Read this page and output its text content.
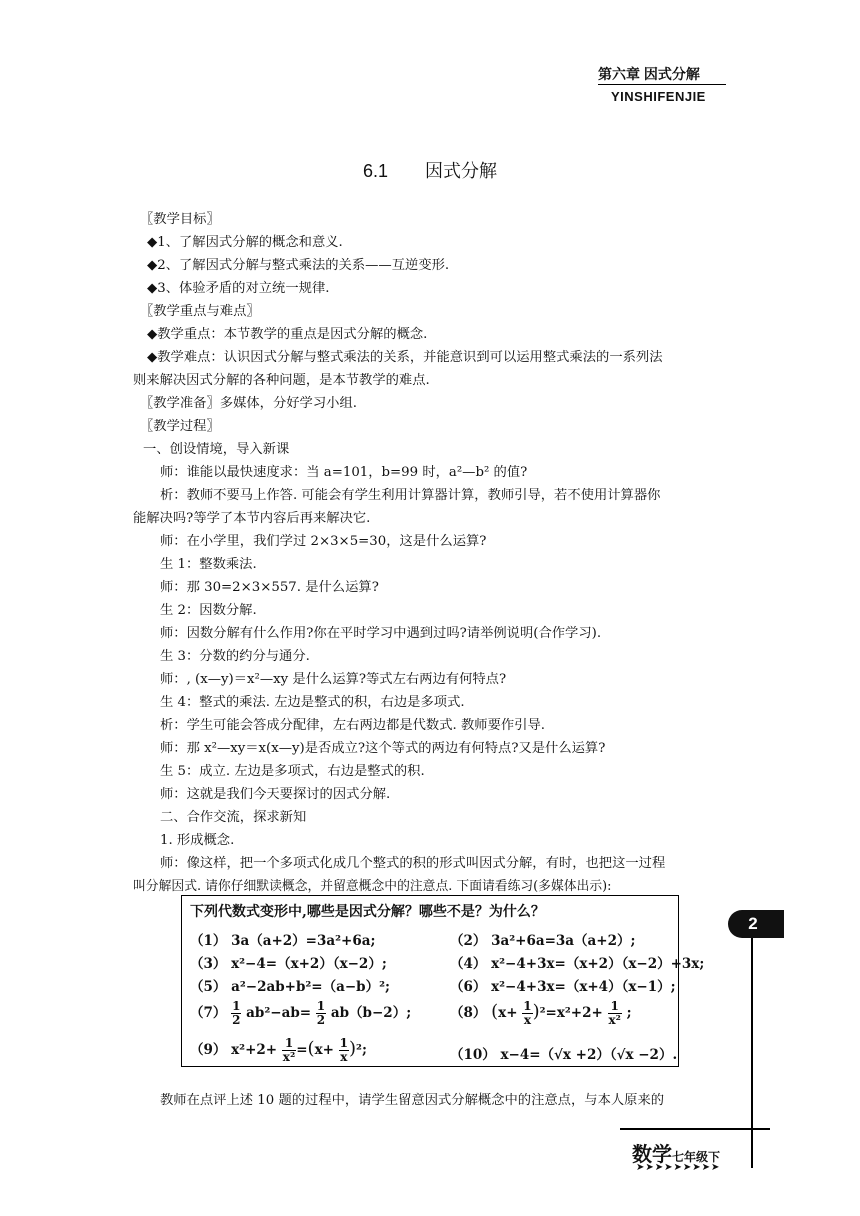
第六章 因式分解
YINSHIFENJIE
6.1 因式分解
〖教学目标〗
◆1、了解因式分解的概念和意义.
◆2、了解因式分解与整式乘法的关系——互逆变形.
◆3、体验矛盾的对立统一规律.
〖教学重点与难点〗
◆教学重点：本节教学的重点是因式分解的概念.
◆教学难点：认识因式分解与整式乘法的关系，并能意识到可以运用整式乘法的一系列法
则来解决因式分解的各种问题，是本节教学的难点.
〖教学准备〗多媒体，分好学习小组.
〖教学过程〗
一、创设情境，导入新课
师：谁能以最快速度求：当 a=101，b=99 时，a²—b² 的值?
析：教师不要马上作答. 可能会有学生利用计算器计算，教师引导，若不使用计算器你
能解决吗?等学了本节内容后再来解决它.
师：在小学里，我们学过 2×3×5=30，这是什么运算?
生 1：整数乘法.
师：那 30=2×3×557. 是什么运算?
生 2：因数分解.
师：因数分解有什么作用?你在平时学习中遇到过吗?请举例说明(合作学习).
生 3：分数的约分与通分.
师：, (x—y)＝x²—xy 是什么运算?等式左右两边有何特点?
生 4：整式的乘法. 左边是整式的积，右边是多项式.
析：学生可能会答成分配律，左右两边都是代数式. 教师要作引导.
师：那 x²—xy＝x(x—y)是否成立?这个等式的两边有何特点?又是什么运算?
生 5：成立. 左边是多项式，右边是整式的积.
师：这就是我们今天要探讨的因式分解.
二、合作交流，探求新知
1. 形成概念.
师：像这样，把一个多项式化成几个整式的积的形式叫因式分解，有时，也把这一过程
叫分解因式. 请你仔细默读概念，并留意概念中的注意点. 下面请看练习(多媒体出示):
下列代数式变形中,哪些是因式分解？哪些不是？为什么？
（1） 3a（a+2）=3a²+6a;	（2） 3a²+6a=3a（a+2）;
（3） x²−4=（x+2）（x−2）;	（4） x²−4+3x=（x+2）（x−2）+3x;
（5） a²−2ab+b²=（a−b）²;	（6） x²−4+3x=（x+4）（x−1）;
$(7) \frac{1}{2} ab^2-ab= \frac{1}{2} ab(b-2)$;	（8） $(x+ \frac{1}{x} )^2=x^2+2+ \frac{1}{\text{x²}}$ ;
（9） $x^2+2+ \frac{1}{\text{x²}} =(x+ \frac{1}{x} )^2$;	（10） x−4=（√x +2）（√x −2）.
教师在点评上述 10 题的过程中，请学生留意因式分解概念中的注意点，与本人原来的
2
数学七年级下
➤➤➤➤➤➤➤➤➤
